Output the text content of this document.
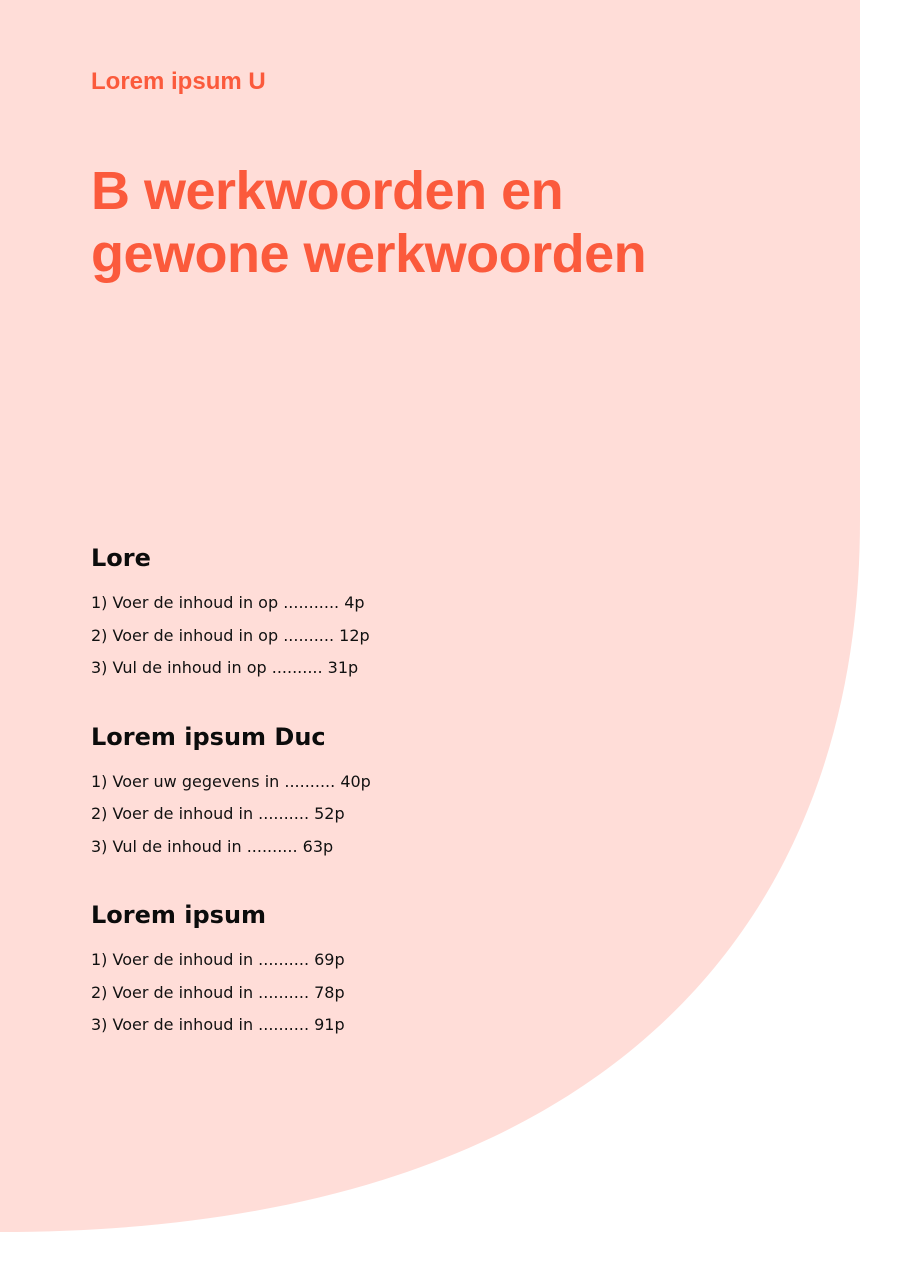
Lorem ipsum U

B werkwoorden en
gewone werkwoorden
Lore

1) Voer de inhoud in op ........... 4p

2) Voer de inhoud in op .......... 12p

3) Vul de inhoud in op .......... 31p

Lorem ipsum Duc

1) Voer uw gegevens in .......... 40p

2) Voer de inhoud in .......... 52p

3) Vul de inhoud in .......... 63p

Lorem ipsum

1) Voer de inhoud in .......... 69p

2) Voer de inhoud in .......... 78p

3) Voer de inhoud in .......... 91p
